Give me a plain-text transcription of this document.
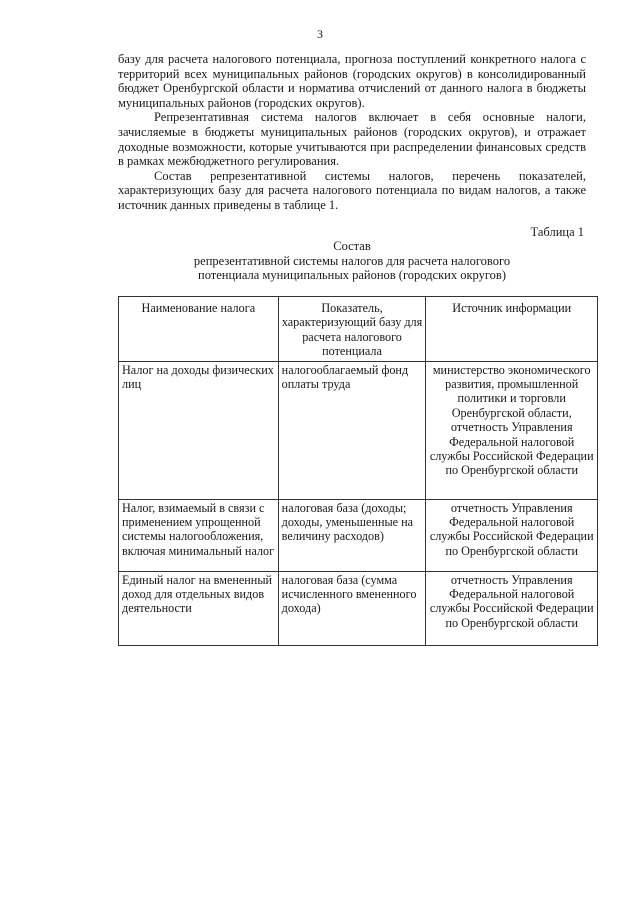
3

базу для расчета налогового потенциала, прогноза поступлений конкретного налога с территорий всех муниципальных районов (городских округов) в консолидированный бюджет Оренбургской области и норматива отчислений от данного налога в бюджеты муниципальных районов (городских округов).

Репрезентативная система налогов включает в себя основные налоги, зачисляемые в бюджеты муниципальных районов (городских округов), и отражает доходные возможности, которые учитываются при распределении финансовых средств в рамках межбюджетного регулирования.

Состав репрезентативной системы налогов, перечень показателей, характеризующих базу для расчета налогового потенциала по видам налогов, а также источник данных приведены в таблице 1.

Таблица 1
Состав
репрезентативной системы налогов для расчета налогового
потенциала муниципальных районов (городских округов)
Наименование налога	Показатель, характеризующий базу для расчета налогового потенциала	Источник информации
Налог на доходы физических лиц	налогооблагаемый фонд оплаты труда	министерство экономического развития, промышленной политики и торговли Оренбургской области, отчетность Управления Федеральной налоговой службы Российской Федерации по Оренбургской области
Налог, взимаемый в связи с применением упрощенной системы налогообложения, включая минимальный налог	налоговая база (доходы; доходы, уменьшенные на величину расходов)	отчетность Управления Федеральной налоговой службы Российской Федерации по Оренбургской области
Единый налог на вмененный доход для отдельных видов деятельности	налоговая база (сумма исчисленного вмененного дохода)	отчетность Управления Федеральной налоговой службы Российской Федерации по Оренбургской области
